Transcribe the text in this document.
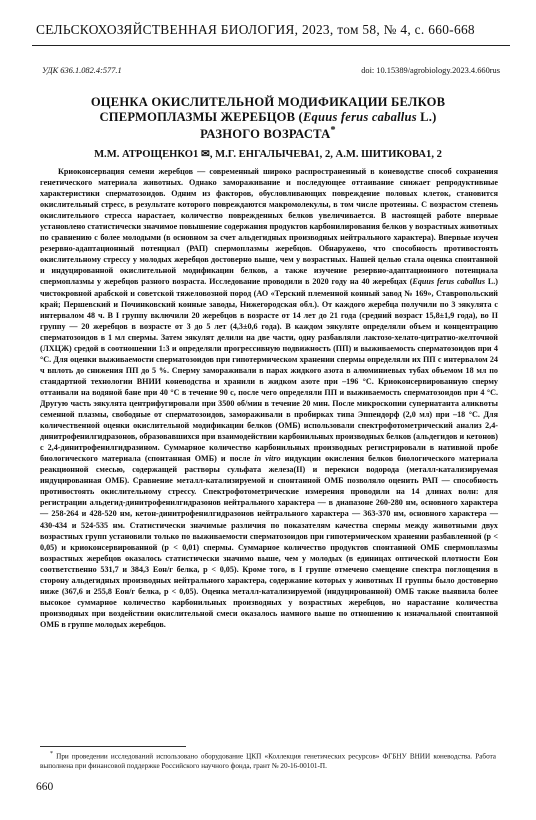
СЕЛЬСКОХОЗЯЙСТВЕННАЯ БИОЛОГИЯ, 2023, том 58, № 4, с. 660-668
УДК 636.1.082.4:577.1	doi: 10.15389/agrobiology.2023.4.660rus
ОЦЕНКА ОКИСЛИТЕЛЬНОЙ МОДИФИКАЦИИ БЕЛКОВ
СПЕРМОПЛАЗМЫ ЖЕРЕБЦОВ (Equus ferus caballus L.)
РАЗНОГО ВОЗРАСТА*
М.М. АТРОЩЕНКО1 ✉, М.Г. ЕНГАЛЫЧЕВА1, 2, А.М. ШИТИКОВА1, 2

Криоконсервация семени жеребцов — современный широко распространенный в коневодстве способ сохранения генетического материала животных. Однако замораживание и последующее оттаивание снижает репродуктивные характеристики сперматозоидов. Одним из факторов, обусловливающих повреждение половых клеток, становится окислительный стресс, в результате которого повреждаются макромолекулы, в том числе протеины. С возрастом степень окислительного стресса нарастает, количество поврежденных белков увеличивается. В настоящей работе впервые установлено статистически значимое повышение содержания продуктов карбонилирования белков у возрастных животных по сравнению с более молодыми (в основном за счет альдегидных производных нейтрального характера). Впервые изучен резервно-адаптационный потенциал (РАП) спермоплазмы жеребцов. Обнаружено, что способность противостоять окислительному стрессу у молодых жеребцов достоверно выше, чем у возрастных. Нашей целью стала оценка спонтанной и индуцированной окислительной модификации белков, а также изучение резервно-адаптационного потенциала спермоплазмы у жеребцов разного возраста. Исследование проводили в 2020 году на 40 жеребцах (Equus ferus caballus L.) чистокровной арабской и советской тяжеловозной пород (АО «Терский племенной конный завод № 169», Ставропольский край; Першевский и Починковский конные заводы, Нижегородская обл.). От каждого жеребца получили по 3 эякулята с интервалом 48 ч. В I группу включили 20 жеребцов в возрасте от 14 лет до 21 года (средний возраст 15,8±1,9 года), во II группу — 20 жеребцов в возрасте от 3 до 5 лет (4,3±0,6 года). В каждом эякуляте определяли объем и концентрацию сперматозоидов в 1 мл спермы. Затем эякулят делили на две части, одну разбавляли лактозо-хелато-цитратно-желточной (ЛХЦЖ) средой в соотношении 1:3 и определяли прогрессивную подвижность (ПП) и выживаемость сперматозоидов при 4 °С. Для оценки выживаемости сперматозоидов при гипотермическом хранении спермы определяли их ПП с интервалом 24 ч вплоть до снижения ПП до 5 %. Сперму замораживали в парах жидкого азота в алюминиевых тубах объемом 18 мл по стандартной технологии ВНИИ коневодства и хранили в жидком азоте при –196 °С. Криоконсервированную сперму оттаивали на водяной бане при 40 °С в течение 90 с, после чего определяли ПП и выживаемость сперматозоидов при 4 °С. Другую часть эякулята центрифугировали при 3500 об/мин в течение 20 мин. После микроскопии супернатанта аликвоты семенной плазмы, свободные от сперматозоидов, замораживали в пробирках типа Эппендорф (2,0 мл) при –18 °С. Для количественной оценки окислительной модификации белков (ОМБ) использовали спектрофотометрический анализ 2,4-динитрофенилгидразонов, образовавшихся при взаимодействии карбонильных производных белков (альдегидов и кетонов) с 2,4-динитрофенилгидразином. Суммарное количество карбонильных производных регистрировали в нативной пробе биологического материала (спонтанная ОМБ) и после in vitro индукции окисления белков биологического материала реакционной смесью, содержащей растворы сульфата железа(II) и перекиси водорода (металл-катализируемая индуцированная ОМБ). Сравнение металл-катализируемой и спонтанной ОМБ позволяло оценить РАП — способность противостоять окислительному стрессу. Спектрофотометрические измерения проводили на 14 длинах волн: для регистрации альдегид-динитрофенилгидразонов нейтрального характера — в диапазоне 260-280 нм, основного характера — 258-264 и 428-520 нм, кетон-динитрофенилгидразонов нейтрального характера — 363-370 нм, основного характера — 430-434 и 524-535 нм. Статистически значимые различия по показателям качества спермы между животными двух возрастных групп установили только по выживаемости сперматозоидов при гипотермическом хранении разбавленной (p < 0,05) и криоконсервированной (p < 0,01) спермы. Суммарное количество продуктов спонтанной ОМБ спермоплазмы возрастных жеребцов оказалось статистически значимо выше, чем у молодых (в единицах оптической плотности Еон соответственно 531,7 и 384,3 Еон/г белка, р < 0,05). Кроме того, в I группе отмечено смещение спектра поглощения в сторону альдегидных производных нейтрального характера, содержание которых у животных II группы было достоверно ниже (367,6 и 255,8 Еон/г белка, р < 0,05). Оценка металл-катализируемой (индуцированной) ОМБ также выявила более высокое суммарное количество карбонильных производных у возрастных жеребцов, но нарастание количества производных при воздействии окислительной смеси оказалось намного выше по отношению к изначальной спонтанной ОМБ в группе молодых жеребцов.

* При проведении исследований использовано оборудование ЦКП «Коллекция генетических ресурсов» ФГБНУ ВНИИ коневодства. Работа выполнена при финансовой поддержке Российского научного фонда, грант № 20-16-00101-П.

660
